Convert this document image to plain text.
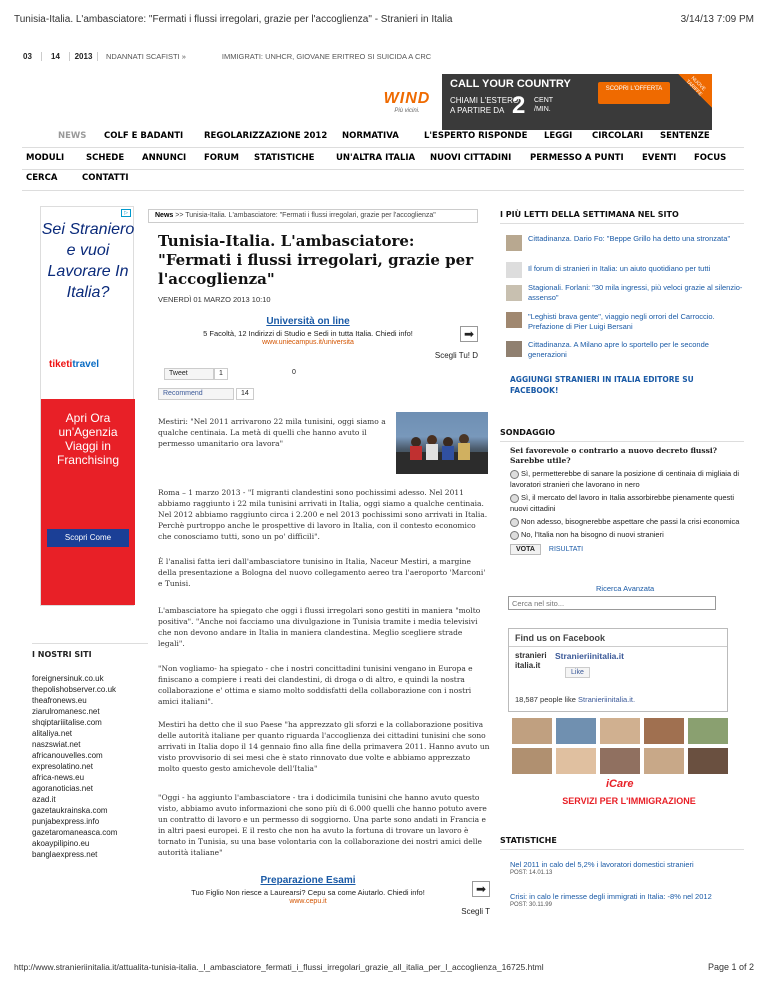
Tunisia-Italia. L'ambasciatore: "Fermati i flussi irregolari, grazie per l'accoglienza" - Stranieri in Italia	3/14/13 7:09 PM
03	14	2013	NDANNATI SCAFISTI »	IMMIGRATI: UNHCR, GIOVANE ERITREO SI SUICIDA A CRC
WIND
Più vicini.
CALL YOUR COUNTRY
CHIAMI L'ESTERO
A PARTIRE DA 2 CENT
/MIN.
SCOPRI L'OFFERTA	NUOVE TARIFFE
NEWS COLF E BADANTI REGOLARIZZAZIONE 2012 NORMATIVA	L'ESPERTO RISPONDE LEGGI CIRCOLARI SENTENZE
MODULI	SCHEDE ANNUNCI FORUM STATISTICHE	UN'ALTRA ITALIA NUOVI CITTADINI PERMESSO A PUNTI EVENTI FOCUS
CERCA	CONTATTI
▷
Sei Straniero e vuoi Lavorare In Italia?
tiketitravel

Apri Ora un'Agenzia Viaggi in Franchising

Scopri Come
I NOSTRI SITI
foreignersinuk.co.uk
thepolishobserver.co.uk
theafronews.eu
ziarulromanesc.net
shqiptariiitalise.com
alitaliya.net
naszswiat.net
africanouvelles.com
expresolatino.net
africa-news.eu
agoranoticias.net
azad.it
gazetaukrainska.com
punjabexpress.info
gazetaromaneasca.com
akoaypilipino.eu
banglaexpress.net
News >> Tunisia-Italia. L'ambasciatore: "Fermati i flussi irregolari, grazie per l'accoglienza"
Tunisia-Italia. L'ambasciatore: "Fermati i flussi irregolari, grazie per l'accoglienza"
VENERDÌ 01 MARZO 2013 10:10
Università on line
5 Facoltà, 12 Indirizzi di Studio e Sedi in tutta Italia. Chiedi info!
www.uniecampus.it/universita
➡
Scegli Tu! D
Tweet	1	0
Recommend	14

Mestiri: "Nel 2011 arrivarono 22 mila tunisini, oggi siamo a qualche centinaia. La metà di quelli che hanno avuto il permesso umanitario ora lavora"

Roma – 1 marzo 2013 - "I migranti clandestini sono pochissimi adesso. Nel 2011 abbiamo raggiunto i 22 mila tunisini arrivati in Italia, oggi siamo a qualche centinaia. Nel 2012 abbiamo raggiunto circa i 2.200 e nel 2013 pochissimi sono arrivati in Italia. Perchè purtroppo anche le prospettive di lavoro in Italia, con il contesto economico che conosciamo tutti, sono un po' difficili".

È l'analisi fatta ieri dall'ambasciatore tunisino in Italia, Naceur Mestiri, a margine della presentazione a Bologna del nuovo collegamento aereo tra l'aeroporto 'Marconi' e Tunisi.

L'ambasciatore ha spiegato che oggi i flussi irregolari sono gestiti in maniera "molto positiva". "Anche noi facciamo una divulgazione in Tunisia tramite i media televisivi che non devono andare in Italia in maniera clandestina. Meglio scegliere strade legali".

"Non vogliamo- ha spiegato - che i nostri concittadini tunisini vengano in Europa e finiscano a compiere i reati dei clandestini, di droga o di altro, e quindi la nostra collaborazione e' ottima e siamo molto soddisfatti della collaborazione con i nostri amici italiani".

Mestiri ha detto che il suo Paese "ha apprezzato gli sforzi e la collaborazione positiva delle autorità italiane per quanto riguarda l'accoglienza dei cittadini tunisini che sono arrivati in Italia dopo il 14 gennaio fino alla fine della primavera 2011. Hanno avuto un visto provvisorio di sei mesi che è stato rinnovato due volte e abbiamo apprezzato molto questo gesto amichevole dell'Italia"

"Oggi - ha aggiunto l'ambasciatore - tra i dodicimila tunisini che hanno avuto questo visto, abbiamo avuto informazioni che sono più di 6.000 quelli che hanno potuto avere un contratto di lavoro e un permesso di soggiorno. Una parte sono andati in Francia e in altri paesi europei. E il resto che non ha avuto la fortuna di trovare un lavoro è tornato in Tunisia, su una base volontaria con la collaborazione dei nostri amici delle autorità italiane"

Preparazione Esami
Tuo Figlio Non riesce a Laurearsi? Cepu sa come Aiutarlo. Chiedi info!
www.cepu.it
➡
Scegli T
I PIÙ LETTI DELLA SETTIMANA NEL SITO
Cittadinanza. Dario Fo: "Beppe Grillo ha detto una stronzata"
Il forum di stranieri in Italia: un aiuto quotidiano per tutti
Stagionali. Forlani: "30 mila ingressi, più veloci grazie al silenzio-assenso"
"Leghisti brava gente", viaggio negli orrori del Carroccio. Prefazione di Pier Luigi Bersani
Cittadinanza. A Milano apre lo sportello per le seconde generazioni
AGGIUNGI STRANIERI IN ITALIA EDITORE SU FACEBOOK!
SONDAGGIO
Sei favorevole o contrario a nuovo decreto flussi? Sarebbe utile?
Sì, permetterebbe di sanare la posizione di centinaia di migliaia di lavoratori stranieri che lavorano in nero
Sì, il mercato del lavoro in Italia assorbirebbe pienamente questi nuovi cittadini
Non adesso, bisognerebbe aspettare che passi la crisi economica
No, l'Italia non ha bisogno di nuovi stranieri
VOTA RISULTATI
Ricerca Avanzata
Cerca nel sito...
Find us on Facebook
stranieri
italia.it
Stranieriinitalia.it
Like
18,587 people like Stranieriinitalia.it.
iCare
SERVIZI PER L'IMMIGRAZIONE
STATISTICHE
Nel 2011 in calo del 5,2% i lavoratori domestici stranieri
POST: 14.01.13
Crisi: in calo le rimesse degli immigrati in Italia: -8% nel 2012
POST: 30.11.99
http://www.stranieriinitalia.it/attualita-tunisia-italia._l_ambasciatore_fermati_i_flussi_irregolari_grazie_all_italia_per_l_accoglienza_16725.html	Page 1 of 2
